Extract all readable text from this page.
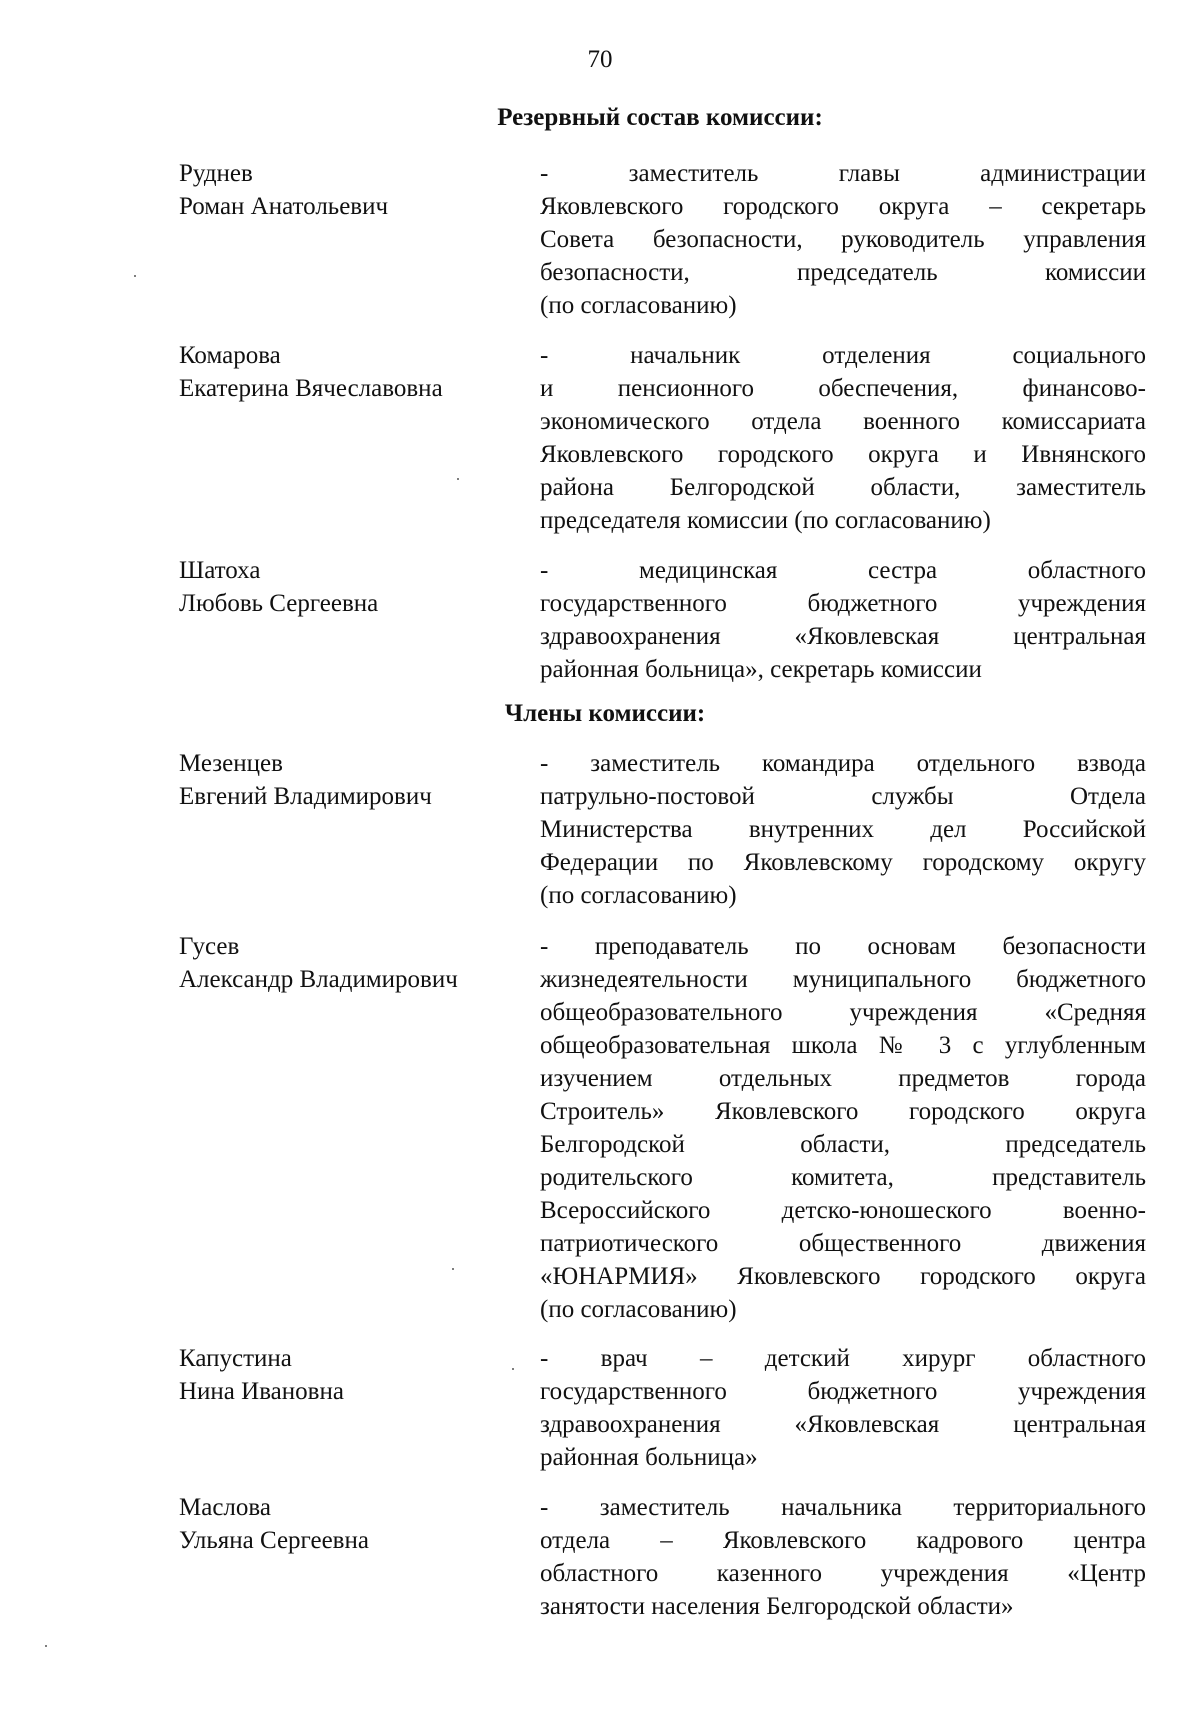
70
Резервный состав комиссии:
Руднев
Роман Анатольевич
- заместитель главы администрации
Яковлевского городского округа – секретарь
Совета безопасности, руководитель управления
безопасности, председатель комиссии
(по согласованию)
Комарова
Екатерина Вячеславовна
- начальник отделения социального
и пенсионного обеспечения, финансово-
экономического отдела военного комиссариата
Яковлевского городского округа и Ивнянского
района Белгородской области, заместитель
председателя комиссии (по согласованию)
Шатоха
Любовь Сергеевна
- медицинская сестра областного
государственного бюджетного учреждения
здравоохранения «Яковлевская центральная
районная больница», секретарь комиссии
Члены комиссии:
Мезенцев
Евгений Владимирович
- заместитель командира отдельного взвода
патрульно-постовой службы Отдела
Министерства внутренних дел Российской
Федерации по Яковлевскому городскому округу
(по согласованию)
Гусев
Александр Владимирович
- преподаватель по основам безопасности
жизнедеятельности муниципального бюджетного
общеобразовательного учреждения «Средняя
общеобразовательная школа № 3 с углубленным
изучением отдельных предметов города
Строитель» Яковлевского городского округа
Белгородской области, председатель
родительского комитета, представитель
Всероссийского детско-юношеского военно-
патриотического общественного движения
«ЮНАРМИЯ» Яковлевского городского округа
(по согласованию)
Капустина
Нина Ивановна
- врач – детский хирург областного
государственного бюджетного учреждения
здравоохранения «Яковлевская центральная
районная больница»
Маслова
Ульяна Сергеевна
- заместитель начальника территориального
отдела – Яковлевского кадрового центра
областного казенного учреждения «Центр
занятости населения Белгородской области»
